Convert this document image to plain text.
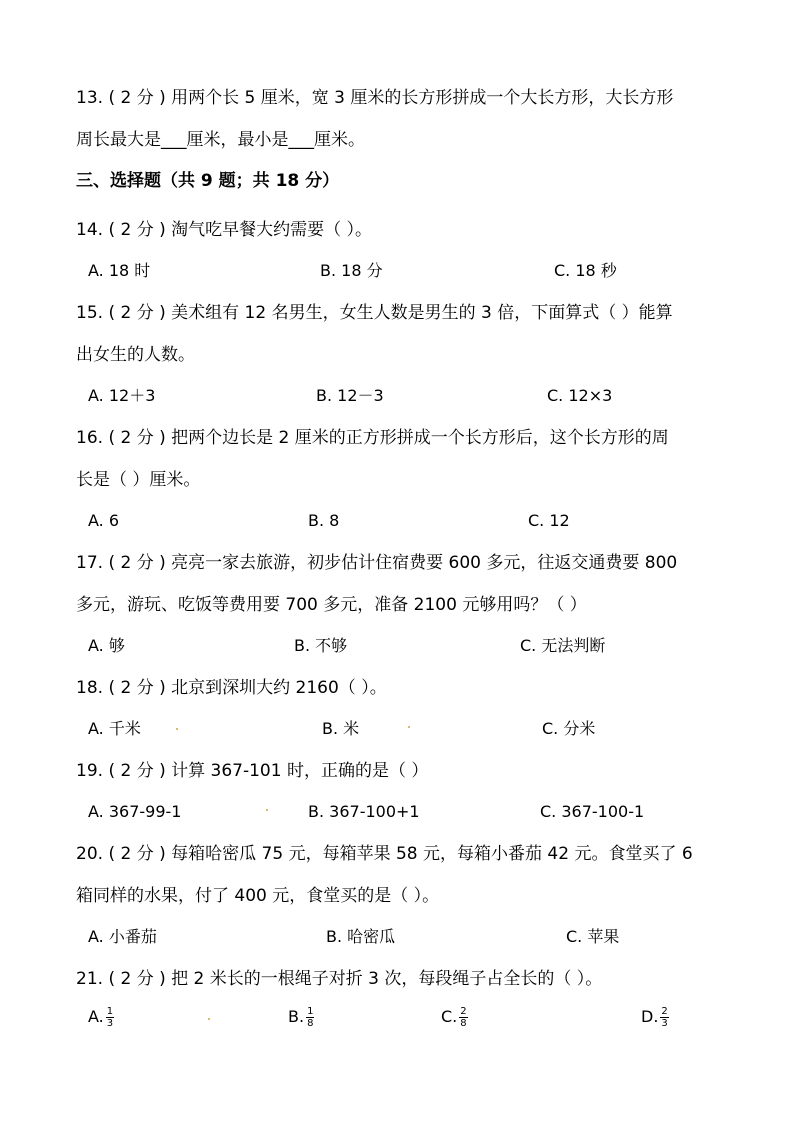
13. ( 2 分 ) 用两个长 5 厘米，宽 3 厘米的长方形拼成一个大长方形，大长方形
周长最大是___厘米，最小是___厘米。
三、选择题（共 9 题；共 18 分）
14. ( 2 分 ) 淘气吃早餐大约需要（ ）。
A. 18 时	B. 18 分	C. 18 秒
15. ( 2 分 ) 美术组有 12 名男生，女生人数是男生的 3 倍，下面算式（ ）能算
出女生的人数。
A. 12＋3	B. 12－3	C. 12×3
16. ( 2 分 ) 把两个边长是 2 厘米的正方形拼成一个长方形后，这个长方形的周
长是（ ）厘米。
A. 6	B. 8	C. 12
17. ( 2 分 ) 亮亮一家去旅游，初步估计住宿费要 600 多元，往返交通费要 800
多元，游玩、吃饭等费用要 700 多元，准备 2100 元够用吗？（ ）
A. 够	B. 不够	C. 无法判断
18. ( 2 分 ) 北京到深圳大约 2160（ ）。
A. 千米	B. 米	C. 分米
19. ( 2 分 ) 计算 367-101 时，正确的是（ ）
A. 367-99-1	B. 367-100+1	C. 367-100-1
20. ( 2 分 ) 每箱哈密瓜 75 元，每箱苹果 58 元，每箱小番茄 42 元。食堂买了 6
箱同样的水果，付了 400 元，食堂买的是（ ）。
A. 小番茄	B. 哈密瓜	C. 苹果
21. ( 2 分 ) 把 2 米长的一根绳子对折 3 次，每段绳子占全长的（ ）。
A. $\frac{1}{3}$	B. $\frac{1}{8}$	C. $\frac{2}{8}$	D. $\frac{2}{3}$
